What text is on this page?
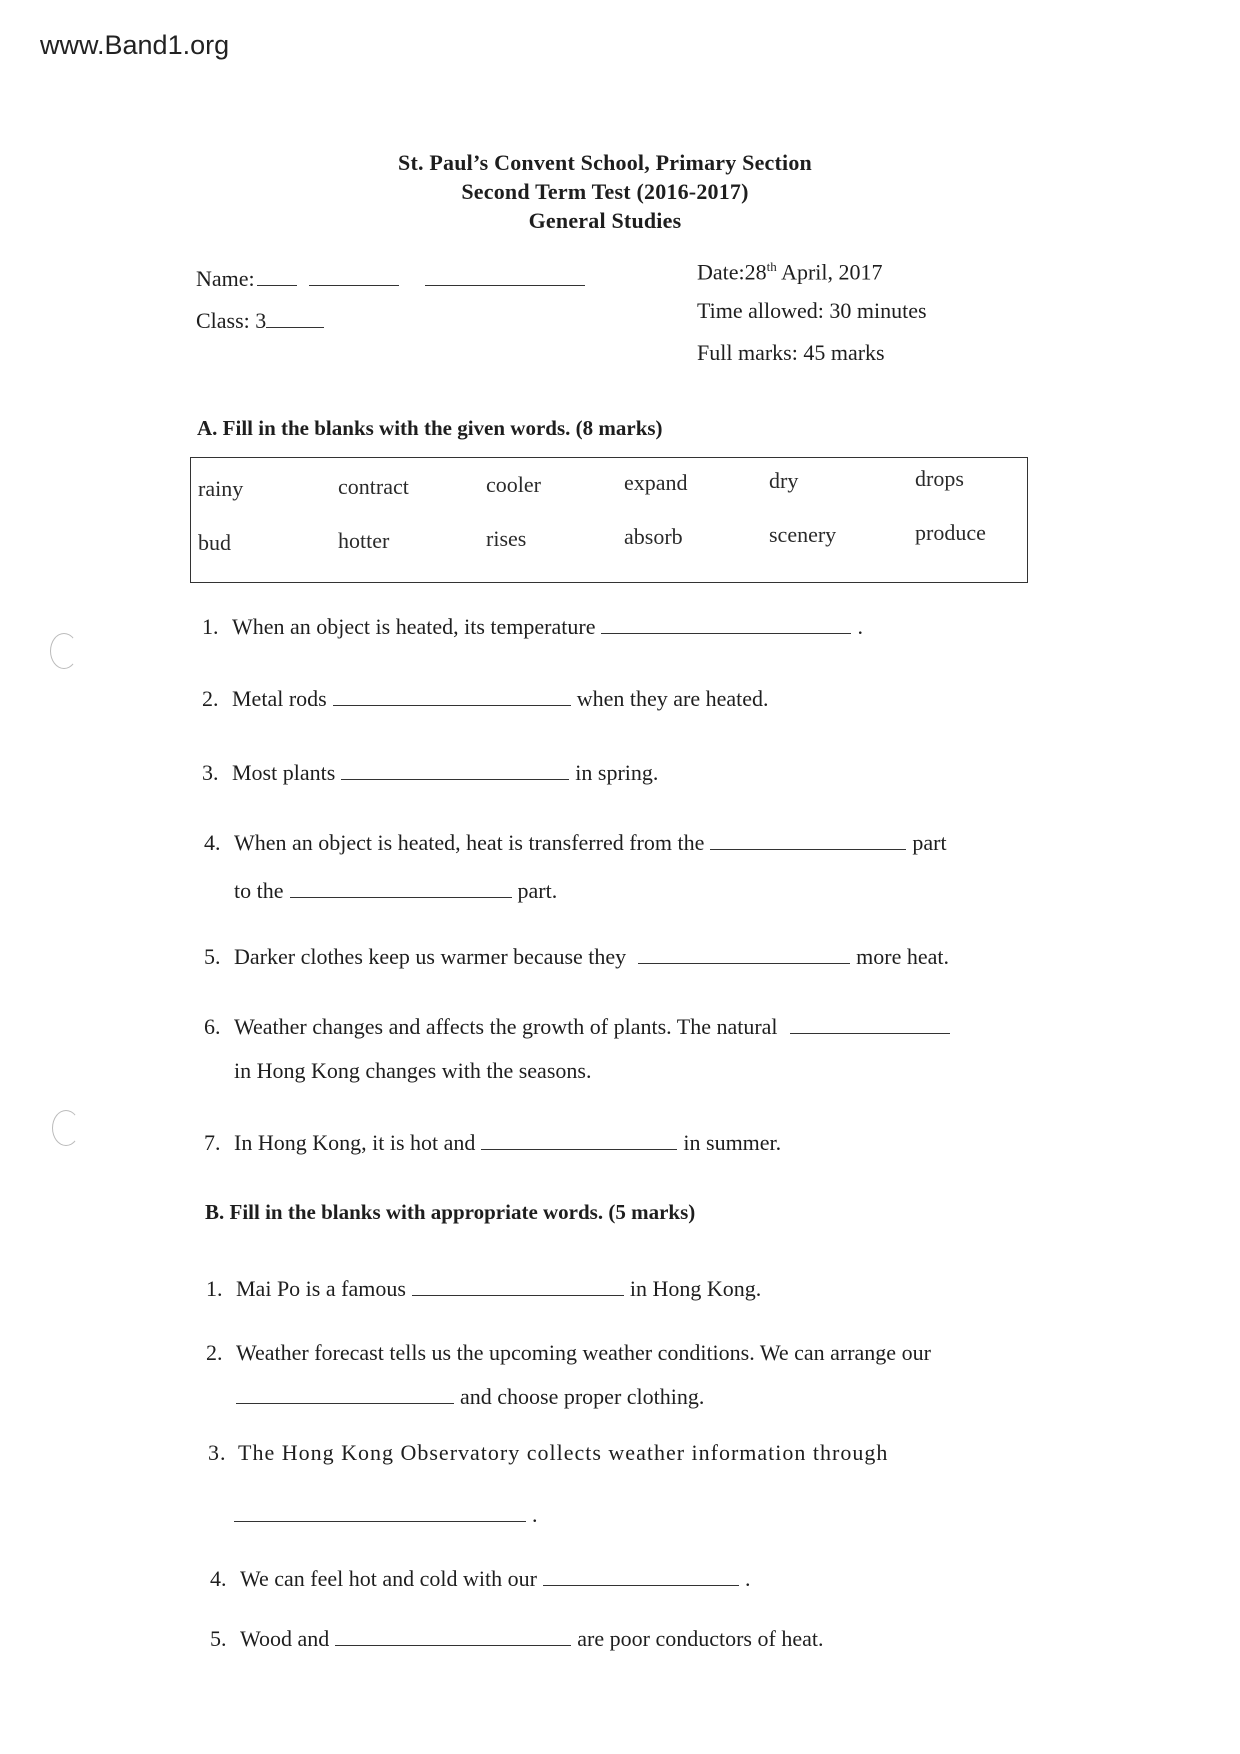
www.Band1.org
St. Paul’s Convent School, Primary Section
Second Term Test (2016-2017)
General Studies
Name:
Class: 3
Date:28th April, 2017
Time allowed: 30 minutes
Full marks: 45 marks
A. Fill in the blanks with the given words. (8 marks)
rainy	contract	cooler	expand	dry	drops
bud	hotter	rises	absorb	scenery	produce
1. When an object is heated, its temperature	.
2. Metal rods	when they are heated.
3. Most plants	in spring.
4. When an object is heated, heat is transferred from the	part
to the	part.
5. Darker clothes keep us warmer because they	more heat.
6. Weather changes and affects the growth of plants. The natural
in Hong Kong changes with the seasons.
7. In Hong Kong, it is hot and	in summer.
B. Fill in the blanks with appropriate words. (5 marks)
1. Mai Po is a famous	in Hong Kong.
2. Weather forecast tells us the upcoming weather conditions. We can arrange our
and choose proper clothing.
3. The Hong Kong Observatory collects weather information through
.
4. We can feel hot and cold with our	.
5. Wood and	are poor conductors of heat.
